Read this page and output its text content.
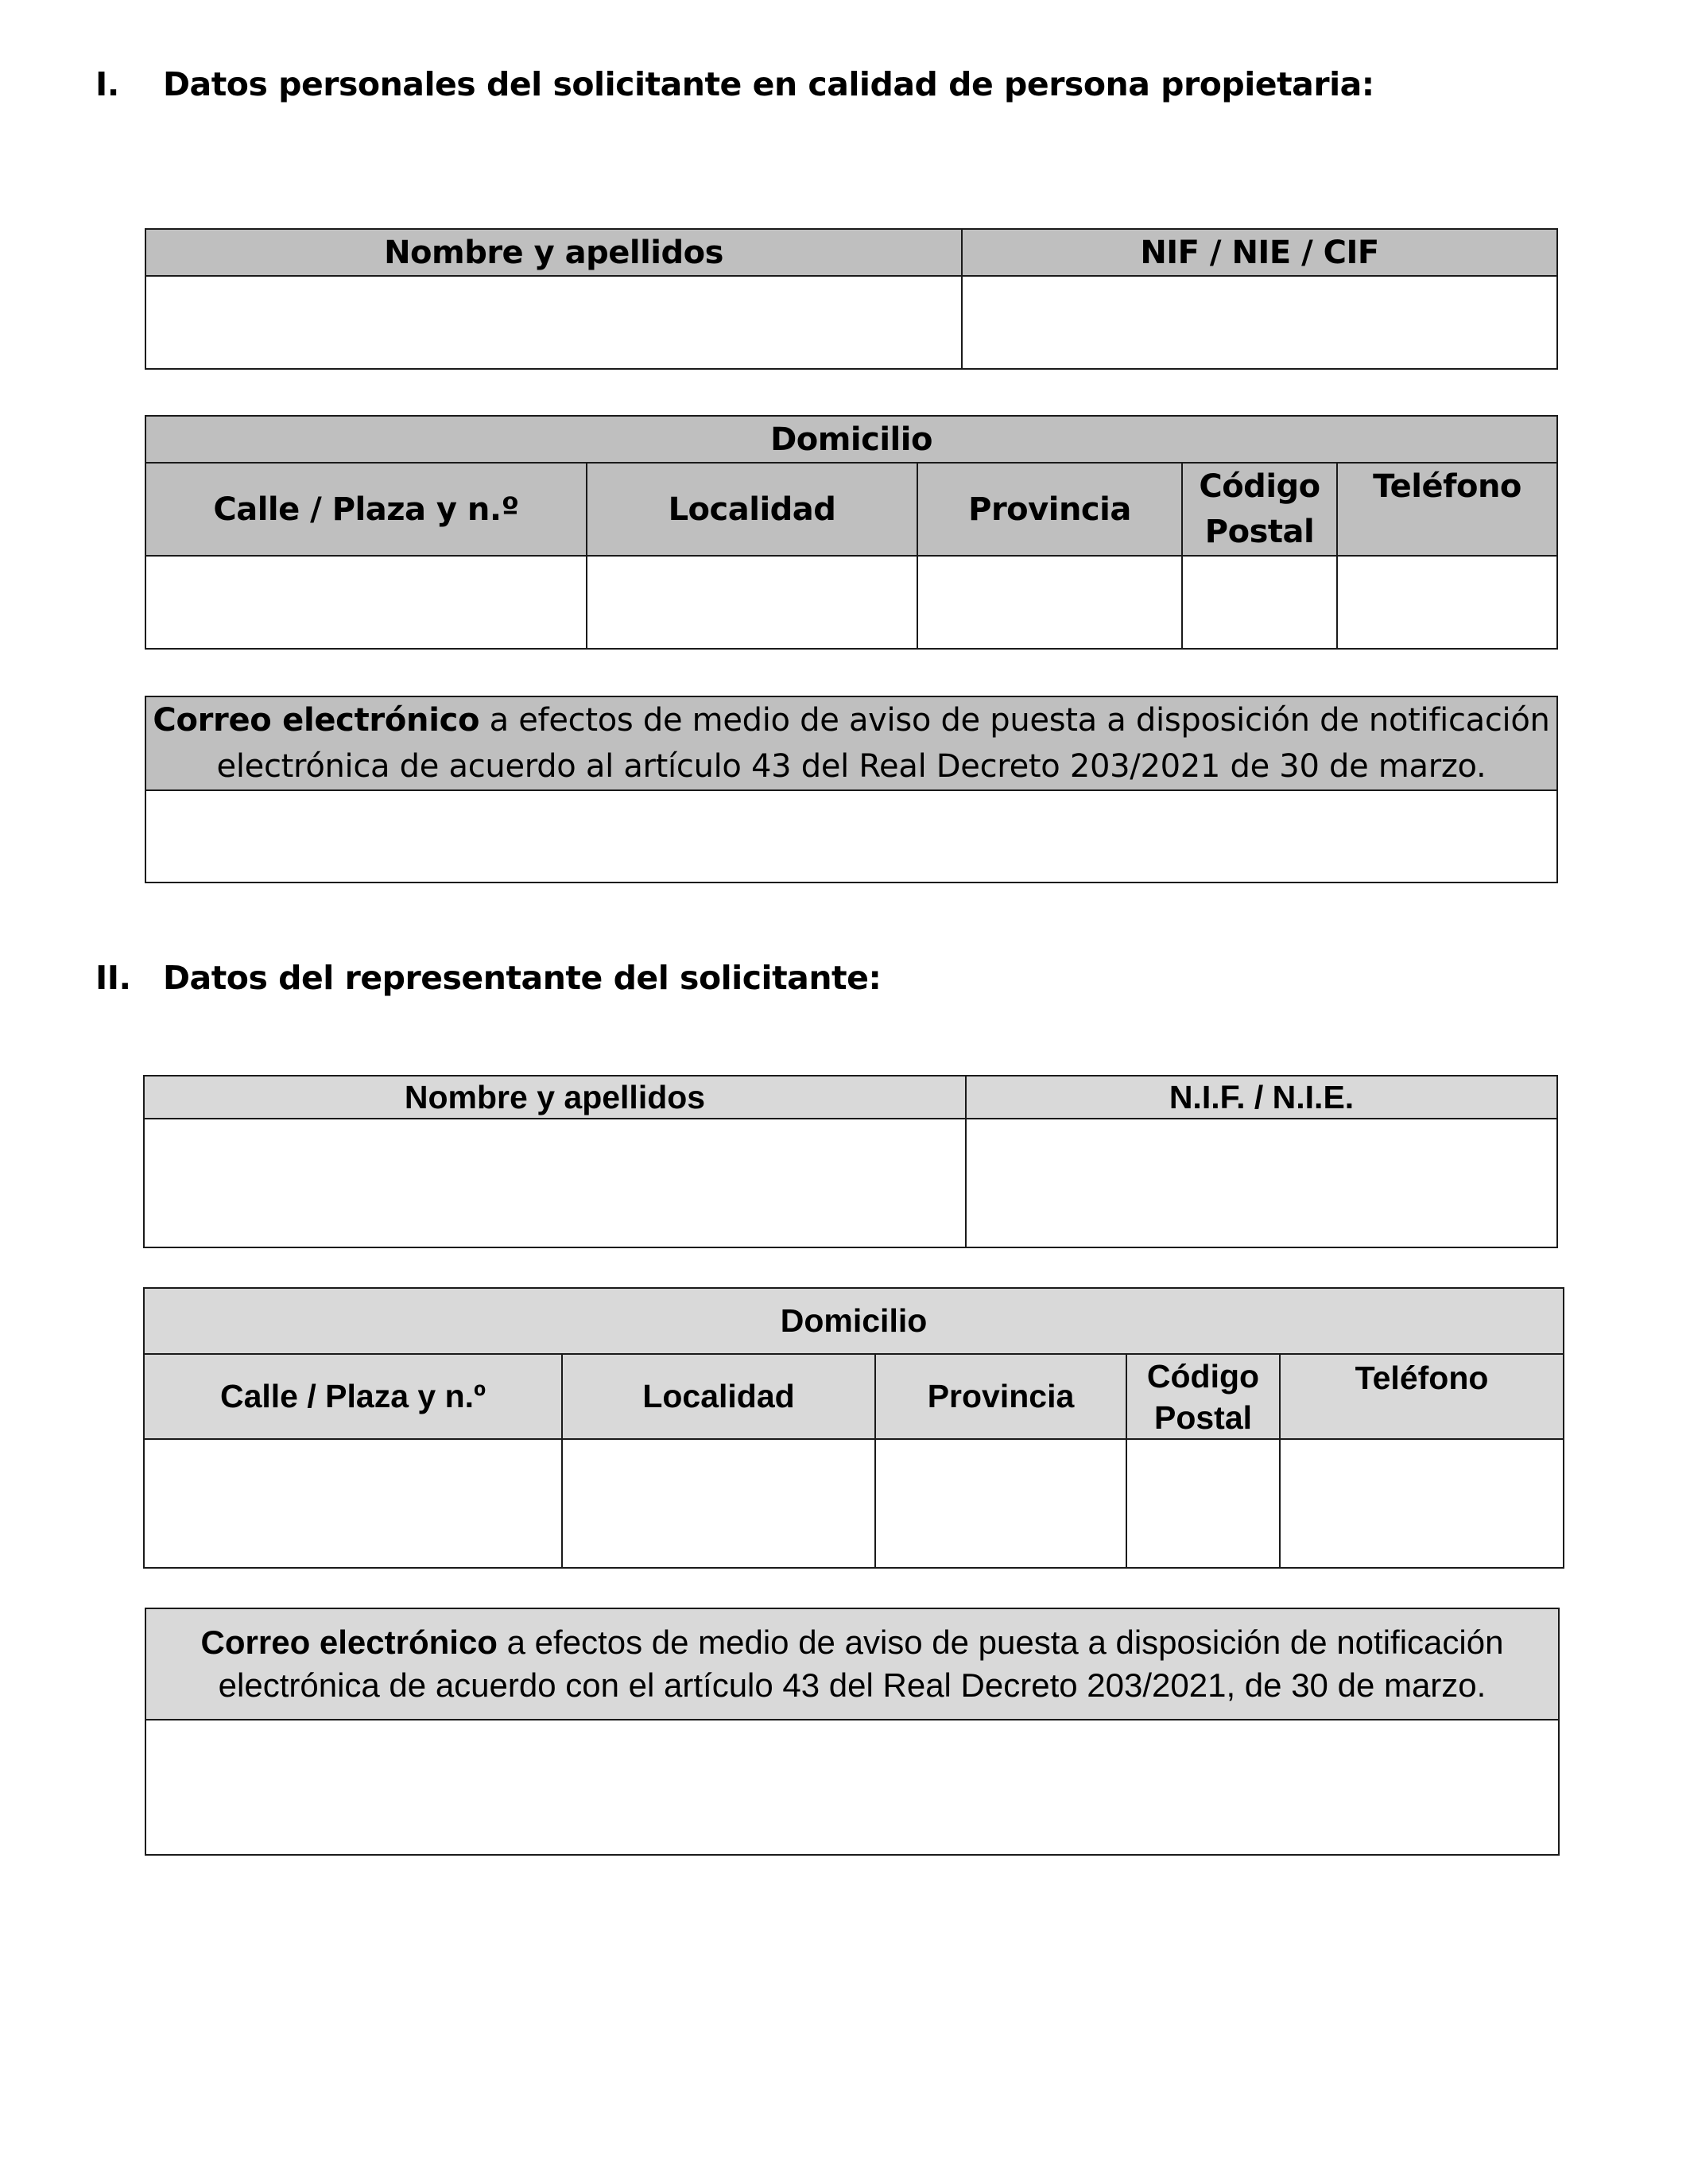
I. Datos personales del solicitante en calidad de persona propietaria:
Nombre y apellidos	NIF / NIE / CIF

Domicilio				
Calle / Plaza y n.º	Localidad	Provincia	Código
Postal	Teléfono

Correo electrónico a efectos de medio de aviso de puesta a disposición de notificación
electrónica de acuerdo al artículo 43 del Real Decreto 203/2021 de 30 de marzo.

II. Datos del representante del solicitante:
Nombre y apellidos	N.I.F. / N.I.E.

Domicilio				
Calle / Plaza y n.º	Localidad	Provincia	Código
Postal	Teléfono

Correo electrónico a efectos de medio de aviso de puesta a disposición de notificación
electrónica de acuerdo con el artículo 43 del Real Decreto 203/2021, de 30 de marzo.
